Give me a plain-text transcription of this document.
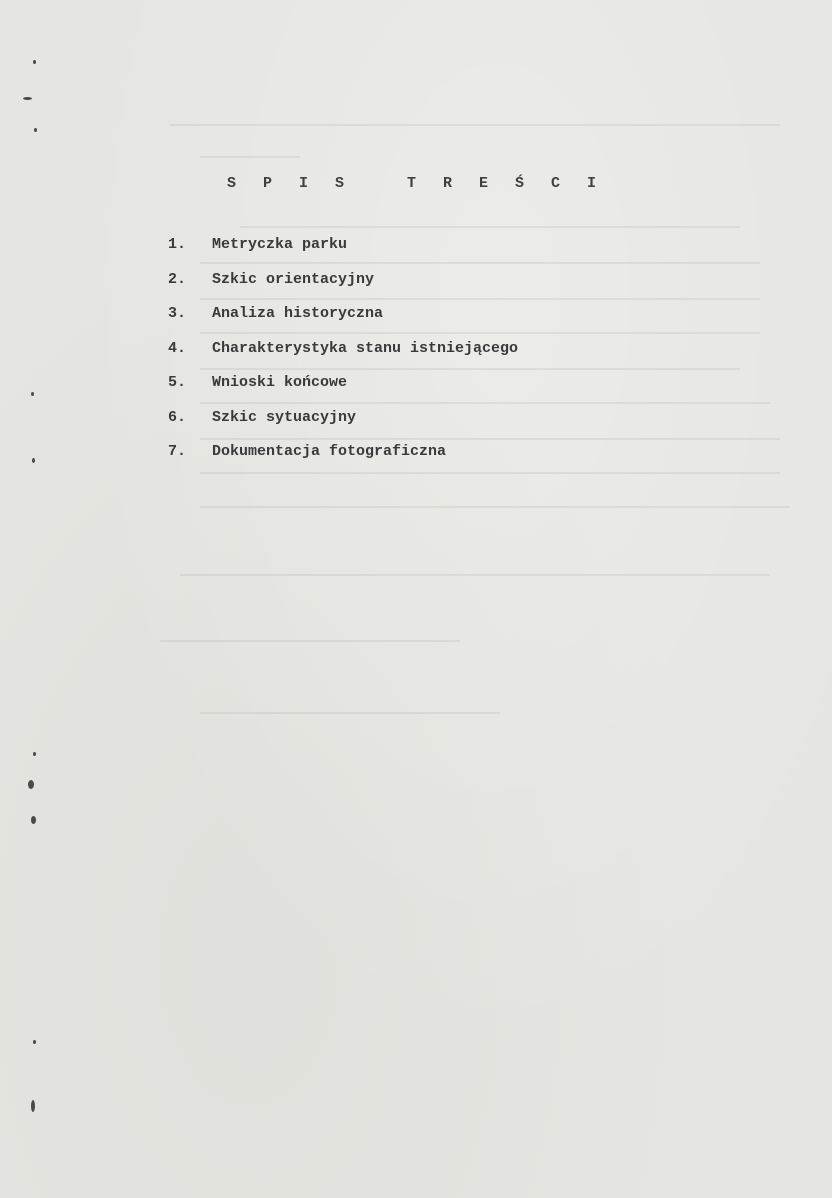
S P I S   T R E Ś C I
1. Metryczka parku
2. Szkic orientacyjny
3. Analiza historyczna
4. Charakterystyka stanu istniejącego
5. Wnioski końcowe
6. Szkic sytuacyjny
7. Dokumentacja fotograficzna
